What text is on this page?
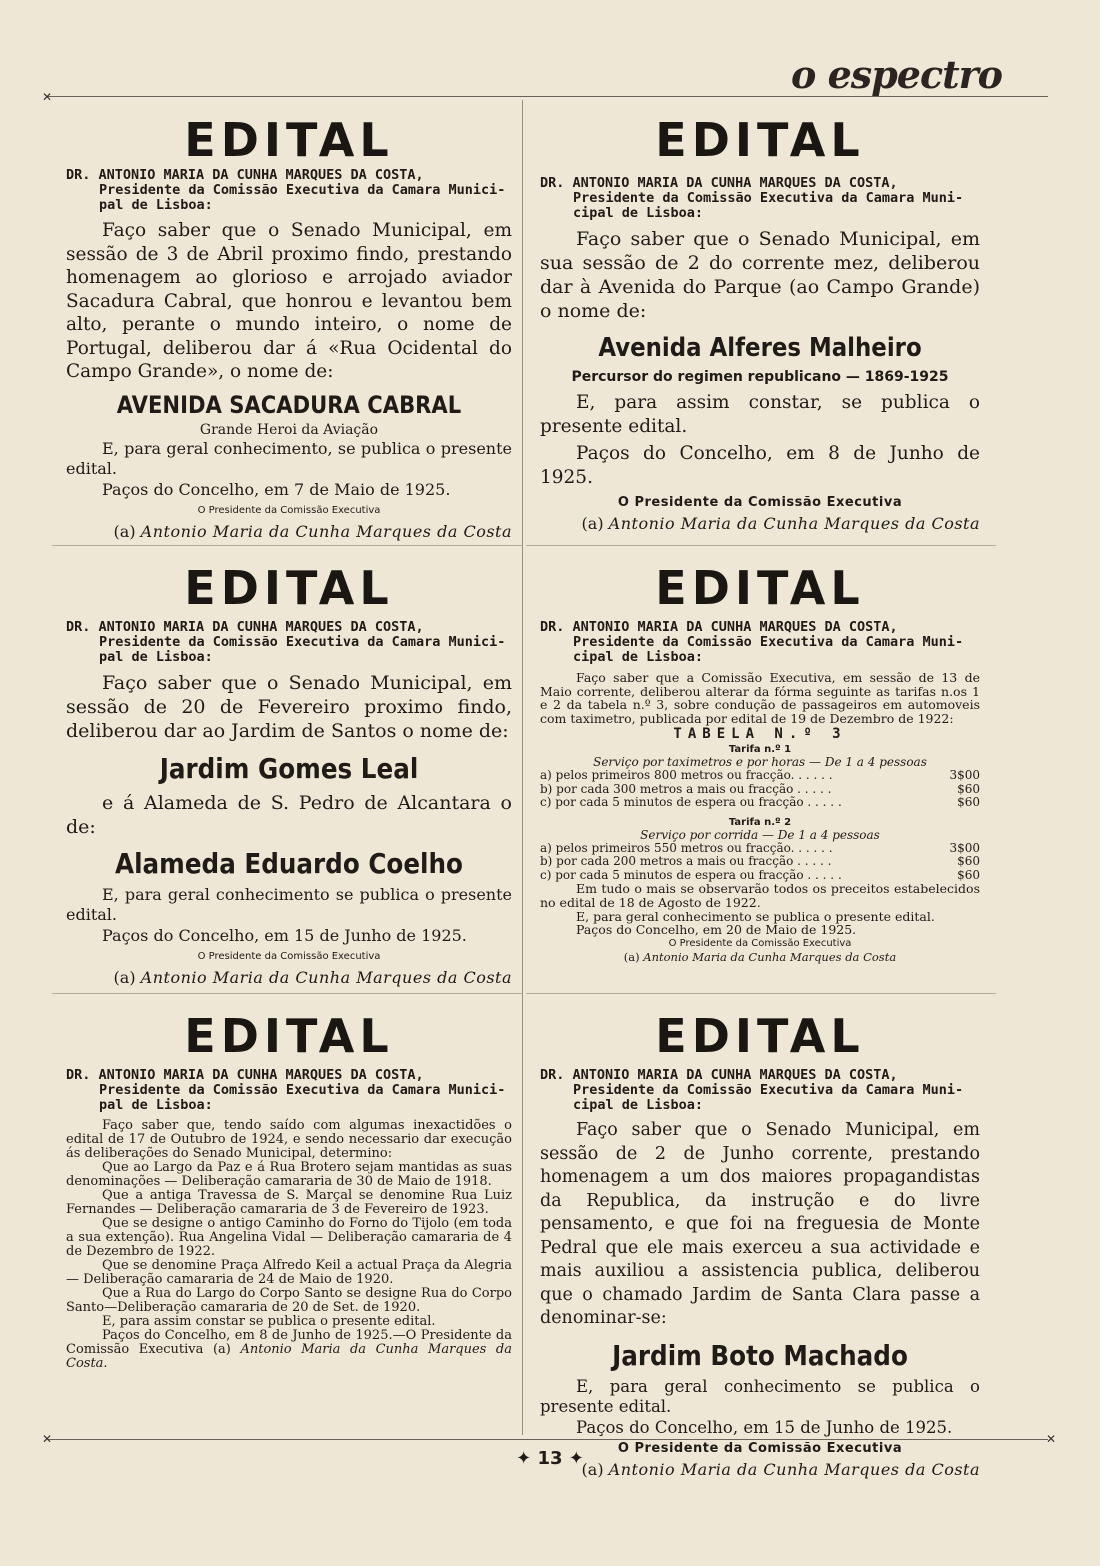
o espectro
✕
✕	✕
EDITAL
DR. ANTONIO MARIA DA CUNHA MARQUES DA COSTA,
Presidente da Comissão Executiva da Camara Munici-
pal de Lisboa:

Faço saber que o Senado Municipal, em sessão de 3 de Abril proximo findo, prestando homenagem ao glorioso e arrojado aviador Sacadura Cabral, que honrou e levantou bem alto, perante o mundo inteiro, o nome de Portugal, deliberou dar á «Rua Ocidental do Campo Grande», o nome de:

AVENIDA SACADURA CABRAL
Grande Heroi da Aviação

E, para geral conhecimento, se publica o presente edital.

Paços do Concelho, em 7 de Maio de 1925.

O Presidente da Comissão Executiva
(a) Antonio Maria da Cunha Marques da Costa
EDITAL
DR. ANTONIO MARIA DA CUNHA MARQUES DA COSTA,
Presidente da Comissão Executiva da Camara Muni-
cipal de Lisboa:

Faço saber que o Senado Municipal, em sua sessão de 2 do corrente mez, deliberou dar à Avenida do Parque (ao Campo Grande) o nome de:

Avenida Alferes Malheiro
Percursor do regimen republicano — 1869-1925

E, para assim constar, se publica o presente edital.

Paços do Concelho, em 8 de Junho de 1925.

O Presidente da Comissão Executiva
(a) Antonio Maria da Cunha Marques da Costa
EDITAL
DR. ANTONIO MARIA DA CUNHA MARQUES DA COSTA,
Presidente da Comissão Executiva da Camara Munici-
pal de Lisboa:

Faço saber que o Senado Municipal, em sessão de 20 de Fevereiro proximo findo, deliberou dar ao Jardim de Santos o nome de:

Jardim Gomes Leal

e á Alameda de S. Pedro de Alcantara o de:

Alameda Eduardo Coelho

E, para geral conhecimento se publica o presente edital.

Paços do Concelho, em 15 de Junho de 1925.

O Presidente da Comissão Executiva
(a) Antonio Maria da Cunha Marques da Costa
EDITAL
DR. ANTONIO MARIA DA CUNHA MARQUES DA COSTA,
Presidente da Comissão Executiva da Camara Muni-
cipal de Lisboa:

Faço saber que a Comissão Executiva, em sessão de 13 de Maio corrente, deliberou alterar da fórma seguinte as tarifas n.os 1 e 2 da tabela n.º 3, sobre condução de passageiros em automoveis com taximetro, publicada por edital de 19 de Dezembro de 1922:

TABELA N.º 3
Tarifa n.º 1
Serviço por taximetros e por horas — De 1 a 4 pessoas
a) pelos primeiros 800 metros ou fracção. . . . . .	3$00
b) por cada 300 metros a mais ou fracção . . . . .	$60
c) por cada 5 minutos de espera ou fracção . . . . .	$60
Tarifa n.º 2
Serviço por corrida — De 1 a 4 pessoas
a) pelos primeiros 550 metros ou fracção. . . . . .	3$00
b) por cada 200 metros a mais ou fracção . . . . .	$60
c) por cada 5 minutos de espera ou fracção . . . . .	$60

Em tudo o mais se observarão todos os preceitos estabelecidos no edital de 18 de Agosto de 1922.

E, para geral conhecimento se publica o presente edital.

Paços do Concelho, em 20 de Maio de 1925.

O Presidente da Comissão Executiva
(a) Antonio Maria da Cunha Marques da Costa
EDITAL
DR. ANTONIO MARIA DA CUNHA MARQUES DA COSTA,
Presidente da Comissão Executiva da Camara Munici-
pal de Lisboa:

Faço saber que, tendo saído com algumas inexactidões o edital de 17 de Outubro de 1924, e sendo necessario dar execução ás deliberações do Senado Municipal, determino:

Que ao Largo da Paz e á Rua Brotero sejam mantidas as suas denominações — Deliberação camararia de 30 de Maio de 1918.

Que a antiga Travessa de S. Marçal se denomine Rua Luiz Fernandes — Deliberação camararia de 3 de Fevereiro de 1923.

Que se designe o antigo Caminho do Forno do Tijolo (em toda a sua extenção). Rua Angelina Vidal — Deliberação camararia de 4 de Dezembro de 1922.

Que se denomine Praça Alfredo Keil a actual Praça da Alegria — Deliberação camararia de 24 de Maio de 1920.

Que a Rua do Largo do Corpo Santo se designe Rua do Corpo Santo—Deliberação camararia de 20 de Set. de 1920.

E, para assim constar se publica o presente edital.

Paços do Concelho, em 8 de Junho de 1925.—O Presidente da Comissão Executiva (a) Antonio Maria da Cunha Marques da Costa.

EDITAL
DR. ANTONIO MARIA DA CUNHA MARQUES DA COSTA,
Presidente da Comissão Executiva da Camara Muni-
cipal de Lisboa:

Faço saber que o Senado Municipal, em sessão de 2 de Junho corrente, prestando homenagem a um dos maiores propagandistas da Republica, da instrução e do livre pensamento, e que foi na freguesia de Monte Pedral que ele mais exerceu a sua actividade e mais auxiliou a assistencia publica, deliberou que o chamado Jardim de Santa Clara passe a denominar-se:

Jardim Boto Machado

E, para geral conhecimento se publica o presente edital.

Paços do Concelho, em 15 de Junho de 1925.

O Presidente da Comissão Executiva
(a) Antonio Maria da Cunha Marques da Costa
✦ 13 ✦
